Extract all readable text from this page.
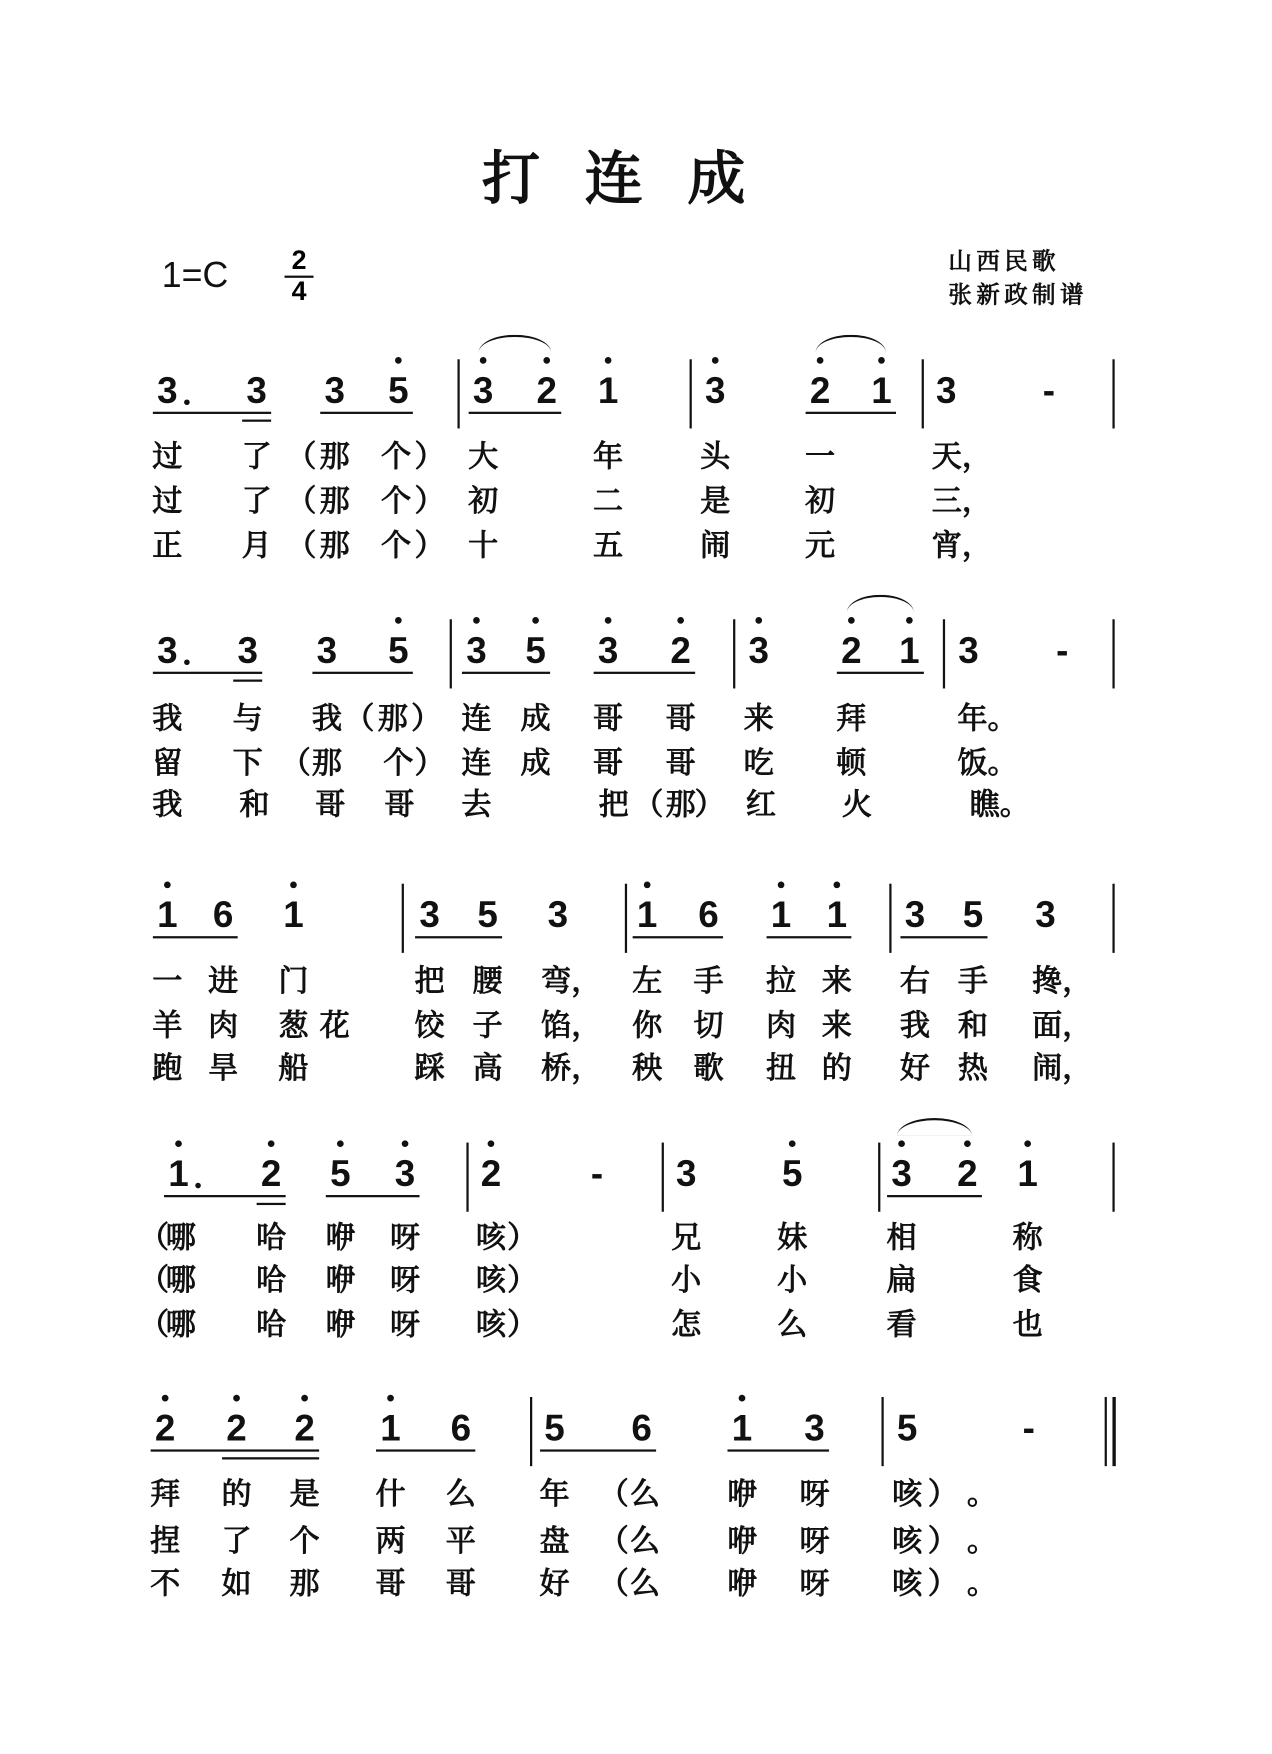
打连成
1=C	2
4
山西民歌
张新政制谱
3 3 3 5 3 2 1	3	2 1 3	-
过 了 （ 那 个 ） 大	年	头	一	天，
过 了 （ 那 个 ） 初	二	是	初	三，
正 月 （ 那 个 ） 十	五	闹	元	宵，
3 3 3 5 3 5 3 2 3 2 1 3	-
我 与 我 （ 那 ） 连 成 哥 哥 来 拜	年。
留 下 （ 那 个 ） 连 成 哥 哥 吃 顿	饭。
我 和 哥 哥 去	把 （ 那
） 红 火	瞧。
1 6 1	3 5 3 1 6 1 1 3 5 3
一 进 门	把 腰 弯， 左 手 拉 来 右 手 搀，
羊 肉 葱 花 饺 子 馅， 你 切 肉 来 我 和 面，
跑 旱 船	踩 高 桥， 秧 歌 扭 的 好 热 闹，
1 2 5 3 2	-	3	5	3 2 1
（
哪 哈 咿 呀 咳 ）	兄	妹	相	称
（
哪 哈 咿 呀 咳 ）	小	小	扁	食
（
哪 哈 咿 呀 咳 ）	怎	么	看	也
2 2 2 1 6 5 6 1 3 5	-
拜 的 是 什 么 年 （ 么 咿 呀 咳 ） 。
捏 了 个 两 平 盘 （ 么 咿 呀 咳 ） 。
不 如 那 哥 哥 好 （ 么 咿 呀 咳 ） 。
